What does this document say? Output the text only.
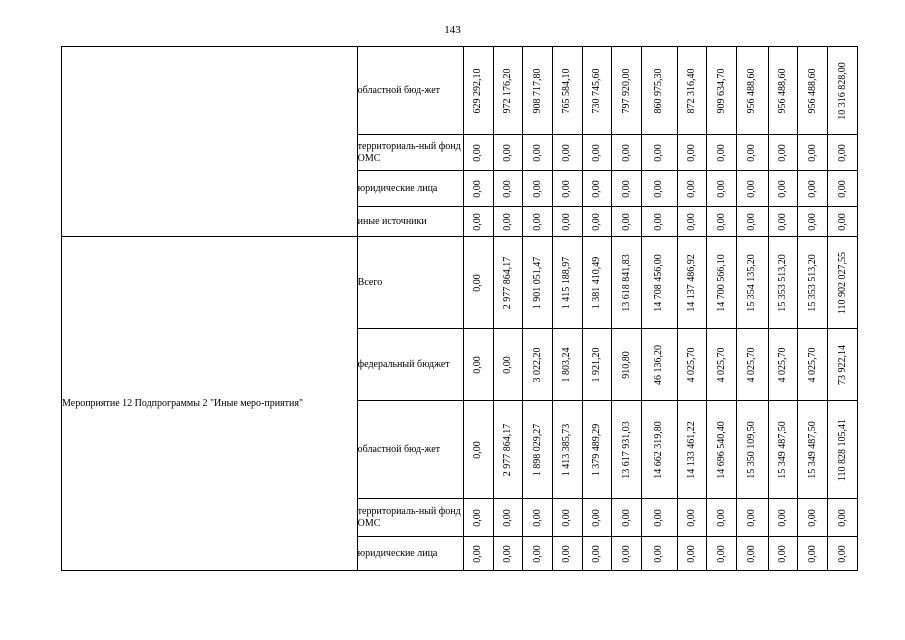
143
	областной бюд-жет	629 292,10	972 176,20	908 717,80	765 584,10	730 745,60	797 920,00	860 975,30	872 316,40	909 634,70	956 488,60	956 488,60	956 488,60	10 316 828,00

	территориаль-ный фонд ОМС	0,00	0,00	0,00	0,00	0,00	0,00	0,00	0,00	0,00	0,00	0,00	0,00	0,00

	юридические лица	0,00	0,00	0,00	0,00	0,00	0,00	0,00	0,00	0,00	0,00	0,00	0,00	0,00

	иные источники	0,00	0,00	0,00	0,00	0,00	0,00	0,00	0,00	0,00	0,00	0,00	0,00	0,00

Мероприятие 12 Подпрограммы 2 "Иные меро-приятия"	Всего	0,00	2 977 864,17	1 901 051,47	1 415 188,97	1 381 410,49	13 618 841,83	14 708 456,00	14 137 486,92	14 700 566,10	15 354 135,20	15 353 513,20	15 353 513,20	110 902 027,55

	федеральный бюджет	0,00	0,00	3 022,20	1 803,24	1 921,20	910,80	46 136,20	4 025,70	4 025,70	4 025,70	4 025,70	4 025,70	73 922,14

	областной бюд-жет	0,00	2 977 864,17	1 898 029,27	1 413 385,73	1 379 489,29	13 617 931,03	14 662 319,80	14 133 461,22	14 696 540,40	15 350 109,50	15 349 487,50	15 349 487,50	110 828 105,41

	территориаль-ный фонд ОМС	0,00	0,00	0,00	0,00	0,00	0,00	0,00	0,00	0,00	0,00	0,00	0,00	0,00

	юридические лица	0,00	0,00	0,00	0,00	0,00	0,00	0,00	0,00	0,00	0,00	0,00	0,00	0,00
